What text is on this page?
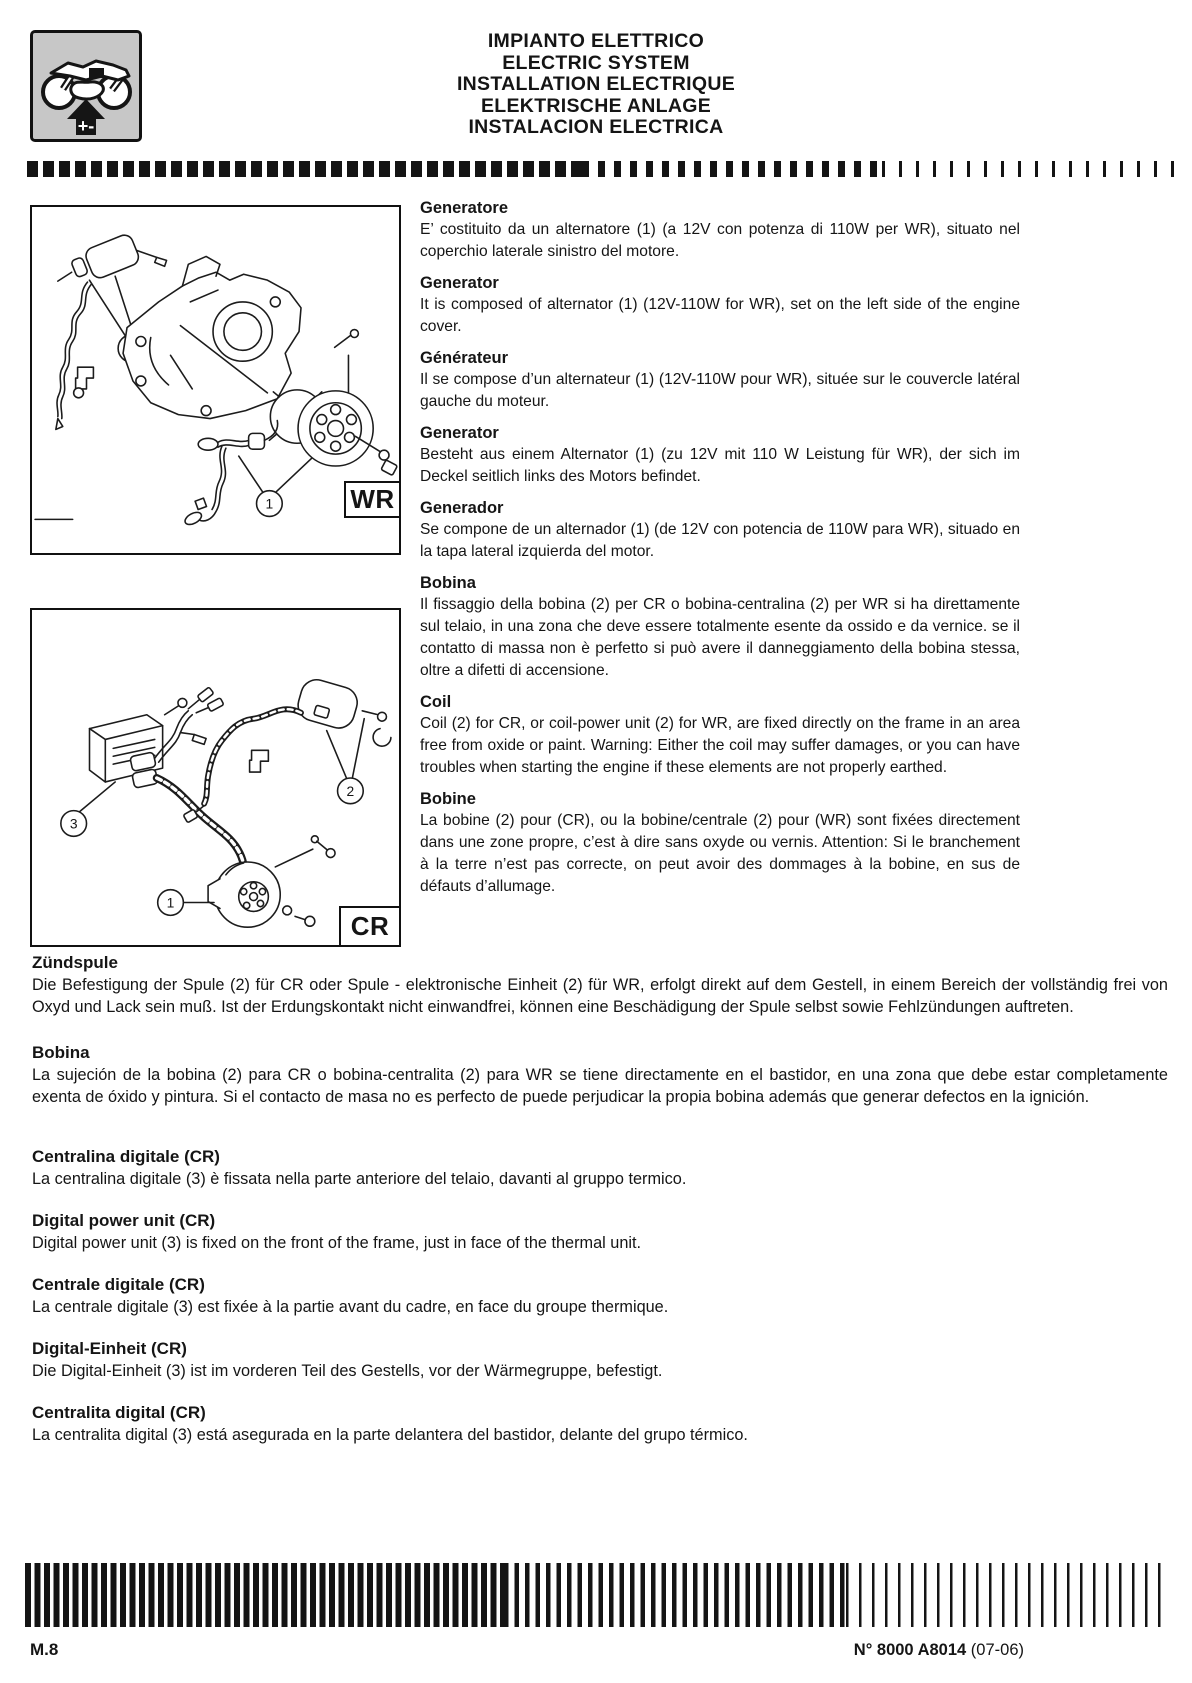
+-
IMPIANTO ELETTRICO
ELECTRIC SYSTEM
INSTALLATION ELECTRIQUE
ELEKTRISCHE ANLAGE
INSTALACION ELECTRICA
1	WR
1
2
3
CR
Generatore

E’ costituito da un alternatore (1) (a 12V con potenza di 110W per WR), situato nel coperchio laterale sinistro del motore.

Generator

It is composed of alternator (1) (12V-110W for WR), set on the left side of the engine cover.

Générateur

Il se compose d’un alternateur (1) (12V-110W pour WR), située sur le couvercle latéral gauche du moteur.

Generator

Besteht aus einem Alternator (1) (zu 12V mit 110 W Leistung für WR), der sich im Deckel seitlich links des Motors befindet.

Generador

Se compone de un alternador (1) (de 12V con potencia de 110W para WR), situado en la tapa lateral izquierda del motor.

Bobina

Il fissaggio della bobina (2) per CR o bobina-centralina (2) per WR si ha direttamente sul telaio, in una zona che deve essere totalmente esente da ossido e da vernice. se il contatto di massa non è perfetto si può avere il danneggiamento della bobina stessa, oltre a difetti di accensione.

Coil

Coil (2) for CR, or coil-power unit (2) for WR, are fixed directly on the frame in an area free from oxide or paint. Warning: Either the coil may suffer damages, or you can have troubles when starting the engine if these elements are not properly earthed.

Bobine

La bobine (2) pour (CR), ou la bobine/centrale (2) pour (WR) sont fixées directement dans une zone propre, c’est à dire sans oxyde ou vernis. Attention: Si le branchement à la terre n’est pas correcte, on peut avoir des dommages à la bobine, en sus de défauts d’allumage.

Zündspule

Die Befestigung der Spule (2) für CR oder Spule - elektronische Einheit (2) für WR, erfolgt direkt auf dem Gestell, in einem Bereich der vollständig frei von Oxyd und Lack sein muß. Ist der Erdungskontakt nicht einwandfrei, können eine Beschädigung der Spule selbst sowie Fehlzündungen auftreten.

Bobina

La sujeción de la bobina (2) para CR o bobina-centralita (2) para WR se tiene directamente en el bastidor, en una zona que debe estar completamente exenta de óxido y pintura. Si el contacto de masa no es perfecto de puede perjudicar la propia bobina además que generar defectos en la ignición.

Centralina digitale (CR)

La centralina digitale (3) è fissata nella parte anteriore del telaio, davanti al gruppo termico.

Digital power unit (CR)

Digital power unit (3) is fixed on the front of the frame, just in face of the thermal unit.

Centrale digitale (CR)

La centrale digitale (3) est fixée à la partie avant du cadre, en face du groupe thermique.

Digital-Einheit (CR)

Die Digital-Einheit (3) ist im vorderen Teil des Gestells, vor der Wärmegruppe, befestigt.

Centralita digital (CR)

La centralita digital (3) está asegurada en la parte delantera del bastidor, delante del grupo térmico.

M.8	N° 8000 A8014 (07-06)
